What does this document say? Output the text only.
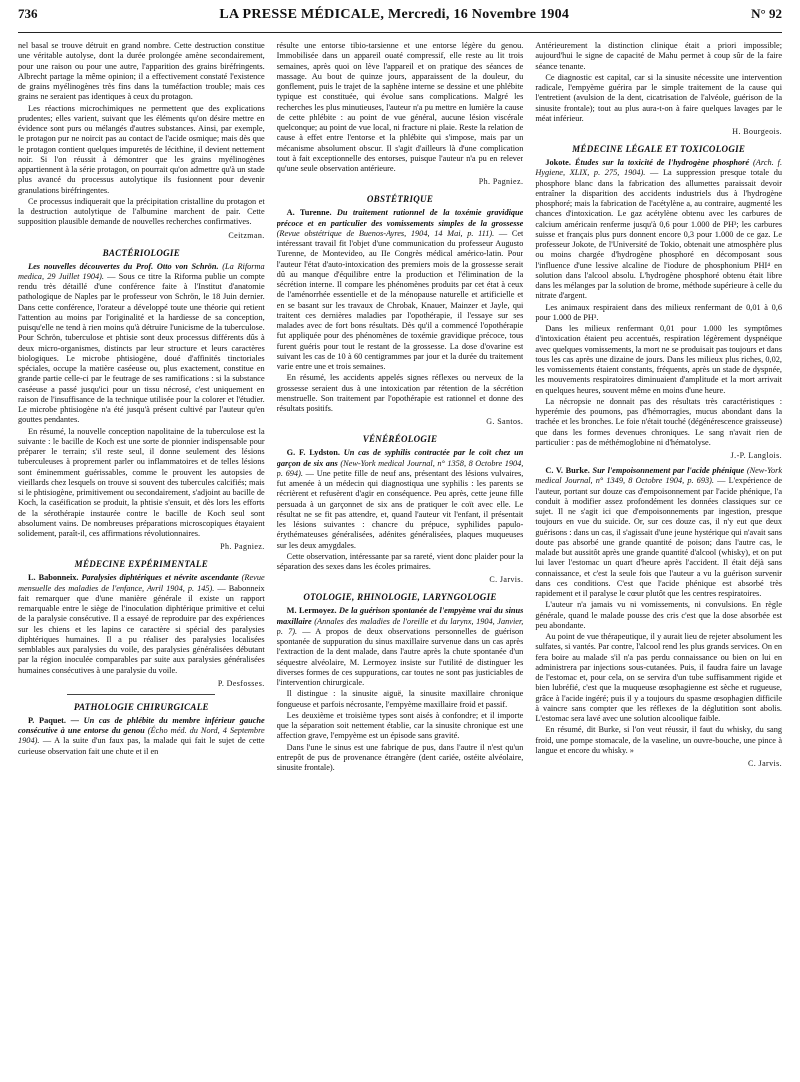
736	LA PRESSE MÉDICALE, Mercredi, 16 Novembre 1904	N° 92

nel basal se trouve détruit en grand nombre. Cette destruction constitue une véritable autolyse, dont la durée prolongée amène secondairement, pour une raison ou pour une autre, l'apparition des grains biréfringents. Albrecht partage la même opinion; il a effectivement constaté l'existence de grains myélinogènes très fins dans la tuméfaction trouble; mais ces grains ne seraient pas identiques à ceux du protagon.

Les réactions microchimiques ne permettent que des explications prudentes; elles varient, suivant que les éléments qu'on désire mettre en évidence sont purs ou mélangés d'autres substances. Ainsi, par exemple, le protagon pur ne noircit pas au contact de l'acide osmique; mais dès que le protagon contient quelques impuretés de lécithine, il devient nettement noir. Si l'on réussit à démontrer que les grains myélinogènes appartiennent à la série protagon, on pourrait qu'on admettre qu'à un stade plus avancé du processus autolytique ils fusionnent pour devenir granulations biréfringentes.

Ce processus indiquerait que la précipitation cristalline du protagon et la destruction autolytique de l'albumine marchent de pair. Cette supposition plausible demande de nouvelles recherches confirmatives.

Ceitzman.
BACTÉRIOLOGIE

Les nouvelles découvertes du Prof. Otto von Schrön. (La Riforma medica, 29 Juillet 1904). — Sous ce titre la Riforma publie un compte rendu très détaillé d'une conférence faite à l'Institut d'anatomie pathologique de Naples par le professeur von Schrön, le 18 Juin dernier. Dans cette conférence, l'orateur a développé toute une théorie qui retient l'attention au moins par l'originalité et la hardiesse de sa conception, puisqu'elle ne tend à rien moins qu'à détruire l'unicisme de la tuberculose. Pour Schrön, tuberculose et phtisie sont deux processus différents dûs à deux micro-organismes, distincts par leur structure et leurs caractères biologiques. Le microbe phtisiogène, doué d'affinités tinctoriales spéciales, occupe la matière caséeuse ou, plus exactement, constitue en grande partie celle-ci par le feutrage de ses ramifications : si la substance caséeuse a passé jusqu'ici pour un tissu nécrosé, c'est uniquement en raison de l'insuffisance de la technique utilisée pour la colorer et l'étudier. Le microbe phtisiogène n'a été jusqu'à présent cultivé par l'auteur qu'en gouttes pendantes.

En résumé, la nouvelle conception napolitaine de la tuberculose est la suivante : le bacille de Koch est une sorte de pionnier indispensable pour préparer le terrain; s'il reste seul, il donne seulement des lésions tuberculeuses à proprement parler ou inflammatoires et de telles lésions sont éminemment guérissables, comme le prouvent les autopsies de vieillards chez lesquels on trouve si souvent des tubercules calcifiés; mais si le phtisiogène, primitivement ou secondairement, s'adjoint au bacille de Koch, la caséification se produit, la phtisie s'ensuit, et dès lors les efforts de la sérothérapie instaurée contre le bacille de Koch seul sont absolument vains. De nombreuses préparations microscopiques étayaient solidement, paraît-il, ces affirmations révolutionnaires.

Ph. Pagniez.
MÉDECINE EXPÉRIMENTALE

L. Babonneix. Paralysies diphtériques et névrite ascendante (Revue mensuelle des maladies de l'enfance, Avril 1904, p. 145). — Babonneix fait remarquer que d'une manière générale il existe un rapport remarquable entre le siège de l'inoculation diphtérique primitive et celui de la paralysie consécutive. Il a essayé de reproduire par des expériences sur les chiens et les lapins ce caractère si spécial des paralysies diphtériques humaines. Il a pu réaliser des paralysies localisées semblables aux paralysies du voile, des paralysies généralisées débutant par la région inoculée comparables par suite aux paralysies généralisées humaines consécutives à une paralysie du voile.

P. Desfosses.
PATHOLOGIE CHIRURGICALE

P. Paquet. — Un cas de phlébite du membre inférieur gauche consécutive à une entorse du genou (Écho méd. du Nord, 4 Septembre 1904). — A la suite d'un faux pas, la malade qui fait le sujet de cette curieuse observation fait une chute et il en

résulte une entorse tibio-tarsienne et une entorse légère du genou. Immobilisée dans un appareil ouaté compressif, elle reste au lit trois semaines, après quoi on lève l'appareil et on pratique des séances de massage. Au bout de quinze jours, apparaissent de la douleur, du gonflement, puis le trajet de la saphène interne se dessine et une phlébite typique est constituée, qui évolue sans complications. Malgré les recherches les plus minutieuses, l'auteur n'a pu mettre en lumière la cause de cette phlébite : au point de vue général, aucune lésion viscérale quelconque; au point de vue local, ni fracture ni plaie. Reste la relation de cause à effet entre l'entorse et la phlébite qui s'impose, mais par un mécanisme absolument obscur. Il s'agit d'ailleurs là d'une complication tout à fait exceptionnelle des entorses, puisque l'auteur n'a pu en relever qu'une seule observation antérieure.

Ph. Pagniez.
OBSTÉTRIQUE

A. Turenne. Du traitement rationnel de la toxémie gravidique précoce et en particulier des vomissements simples de la grossesse (Revue obstétrique de Buenos-Ayres, 1904, 14 Mai, p. 111). — Cet intéressant travail fit l'objet d'une communication du professeur Augusto Turenne, de Montevideo, au IIe Congrès médical américo-latin. Pour l'auteur l'état d'auto-intoxication des premiers mois de la grossesse serait dû au manque d'équilibre entre la production et l'élimination de la sécrétion interne. Il compare les phénomènes produits par cet état à ceux de l'aménorrhée essentielle et de la ménopause naturelle et artificielle et en se basant sur les travaux de Chrobak, Knauer, Mainzer et Jayle, qui traitent ces dernières maladies par l'opothérapie, il l'essaye sur ses malades avec de fort bons résultats. Dès qu'il a commencé l'opothérapie fut appliquée pour des phénomènes de toxémie gravidique précoce, tous furent guéris pour tout le restant de la grossesse. La dose d'ovarine est suivant les cas de 10 à 60 centigrammes par jour et la durée du traitement varie entre une et trois semaines.

En résumé, les accidents appelés signes réflexes ou nerveux de la grossesse seraient dus à une intoxication par rétention de la sécrétion menstruelle. Son traitement par l'opothérapie est rationnel et donne des résultats positifs.

G. Santos.
VÉNÉRÉOLOGIE

G. F. Lydston. Un cas de syphilis contractée par le coït chez un garçon de six ans (New-York medical Journal, n° 1358, 8 Octobre 1904, p. 694). — Une petite fille de neuf ans, présentant des lésions vulvaires, fut amenée à un médecin qui diagnostiqua une syphilis : les parents se récrièrent et refusèrent d'agir en conséquence. Peu après, cette jeune fille persuada à un garçonnet de six ans de pratiquer le coït avec elle. Le résultat ne se fit pas attendre, et, quand l'auteur vit l'enfant, il présentait les lésions suivantes : chancre du prépuce, syphilides papulo-érythémateuses généralisées, adénites généralisées, plaques muqueuses sur les deux amygdales.

Cette observation, intéressante par sa rareté, vient donc plaider pour la séparation des sexes dans les écoles primaires.

C. Jarvis.
OTOLOGIE, RHINOLOGIE, LARYNGOLOGIE

M. Lermoyez. De la guérison spontanée de l'empyème vrai du sinus maxillaire (Annales des maladies de l'oreille et du larynx, 1904, Janvier, p. 7). — A propos de deux observations personnelles de guérison spontanée de suppuration du sinus maxillaire survenue dans un cas après l'extraction de la dent malade, dans l'autre après la chute spontanée d'un séquestre alvéolaire, M. Lermoyez insiste sur l'utilité de distinguer les diverses formes de ces suppurations, car toutes ne sont pas justiciables de l'intervention chirurgicale.

Il distingue : la sinusite aiguë, la sinusite maxillaire chronique fongueuse et parfois nécrosante, l'empyème maxillaire froid et passif.

Les deuxième et troisième types sont aisés à confondre; et il importe que la séparation soit nettement établie, car la sinusite chronique est une affection grave, l'empyème est un épisode sans gravité.

Dans l'une le sinus est une fabrique de pus, dans l'autre il n'est qu'un entrepôt de pus de provenance étrangère (dent cariée, ostéite alvéolaire, sinusite frontale).

Antérieurement la distinction clinique était a priori impossible; aujourd'hui le signe de capacité de Mahu permet à coup sûr de la faire séance tenante.

Ce diagnostic est capital, car si la sinusite nécessite une intervention radicale, l'empyème guérira par le simple traitement de la cause qui l'entretient (avulsion de la dent, cicatrisation de l'alvéole, guérison de la sinusite frontale); tout au plus aura-t-on à faire quelques lavages par le méat inférieur.

H. Bourgeois.
MÉDECINE LÉGALE ET TOXICOLOGIE

Jokote. Études sur la toxicité de l'hydrogène phosphoré (Arch. f. Hygiene, XLIX, p. 275, 1904). — La suppression presque totale du phosphore blanc dans la fabrication des allumettes paraissait devoir entraîner la disparition des accidents industriels dus à l'hydrogène phosphoré; mais la fabrication de l'acétylène a, au contraire, augmenté les chances d'intoxication. Le gaz acétylène obtenu avec les carbures de calcium américain renferme jusqu'à 0,6 pour 1.000 de PH³; les carbures suisse et français plus purs donnent encore 0,3 pour 1.000 de ce gaz. Le professeur Jokote, de l'Université de Tokio, obtenait une atmosphère plus ou moins chargée d'hydrogène phosphoré en décomposant sous l'influence d'une lessive alcaline de l'iodure de phosphonium PHI⁴ en solution dans l'alcool absolu. L'hydrogène phosphoré obtenu était libre dans les mélanges par la solution de brome, méthode supérieure à celle du nitrate d'argent.

Les animaux respiraient dans des milieux renfermant de 0,01 à 0,6 pour 1.000 de PH³.

Dans les milieux renfermant 0,01 pour 1.000 les symptômes d'intoxication étaient peu accentués, respiration légèrement dyspnéique avec quelques vomissements, la mort ne se produisait pas toujours et dans tous les cas après une dizaine de jours. Dans les milieux plus riches, 0,02, les vomissements étaient constants, fréquents, après un stade de dyspnée, les mouvements respiratoires diminuaient d'amplitude et la mort arrivait en quelques heures, souvent même en moins d'une heure.

La nécropsie ne donnait pas des résultats très caractéristiques : hyperémie des poumons, pas d'hémorragies, mucus abondant dans la trachée et les bronches. Le foie n'était touché (dégénérescence graisseuse) que dans les formes devenues chroniques. Le sang n'avait rien de particulier : pas de méthémoglobine ni d'hématolyse.

J.-P. Langlois.

C. V. Burke. Sur l'empoisonnement par l'acide phénique (New-York medical Journal, n° 1349, 8 Octobre 1904, p. 693). — L'expérience de l'auteur, portant sur douze cas d'empoisonnement par l'acide phénique, l'a conduit à modifier assez profondément les données classiques sur ce sujet. Il ne s'agit ici que d'empoisonnements par ingestion, presque toujours en vue du suicide. Or, sur ces douze cas, il n'y eut que deux guérisons : dans un cas, il s'agissait d'une jeune hystérique qui n'avait sans doute pas absorbé une grande quantité de poison; dans l'autre cas, le malade but aussitôt après une grande quantité d'alcool (whisky), et on put lui laver l'estomac un quart d'heure après l'accident. Il était déjà sans connaissance, et c'est la seule fois que l'auteur a vu la guérison survenir dans ces conditions. C'est que l'acide phénique est absorbé très rapidement et il paralyse le cœur plutôt que les centres respiratoires.

L'auteur n'a jamais vu ni vomissements, ni convulsions. En règle générale, quand le malade pousse des cris c'est que la dose absorbée est peu abondante.

Au point de vue thérapeutique, il y aurait lieu de rejeter absolument les sulfates, si vantés. Par contre, l'alcool rend les plus grands services. On en fera boire au malade s'il n'a pas perdu connaissance ou bien on lui en administrera par injections sous-cutanées. Puis, il faudra faire un lavage de l'estomac et, pour cela, on se servira d'un tube suffisamment rigide et bien lubréfié, c'est que la muqueuse œsophagienne est sèche et rugueuse, grâce à l'acide ingéré; puis il y a toujours du spasme œsophagien difficile à vaincre sans compter que les réflexes de la déglutition sont abolis. L'estomac sera lavé avec une solution alcoolique faible.

En résumé, dit Burke, si l'on veut réussir, il faut du whisky, du sang froid, une pompe stomacale, de la vaseline, un ouvre-bouche, une pince à langue et encore du whisky. »

C. Jarvis.
